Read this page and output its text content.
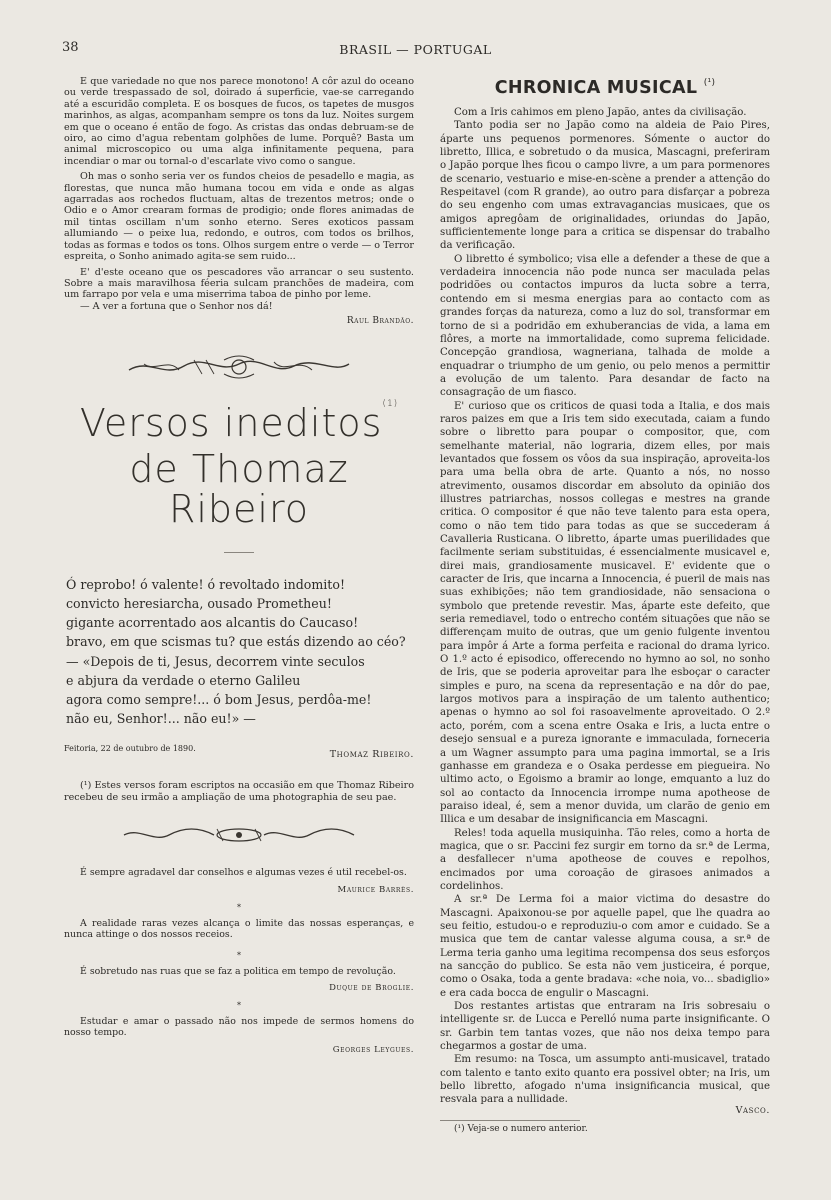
38	BRASIL — PORTUGAL

E que variedade no que nos parece monotono! A côr azul do oceano ou verde trespassado de sol, doirado á superficie, vae-se carregando até a escuridão completa. E os bosques de fucos, os tapetes de musgos marinhos, as algas, acompanham sempre os tons da luz. Noites surgem em que o oceano é então de fogo. As cristas das ondas debruam-se de oiro, ao cimo d'agua rebentam golphões de lume. Porquê? Basta um animal microscopico ou uma alga infinitamente pequena, para incendiar o mar ou tornal-o d'escarlate vivo como o sangue.

Oh mas o sonho seria ver os fundos cheios de pesadello e magia, as florestas, que nunca mão humana tocou em vida e onde as algas agarradas aos rochedos fluctuam, altas de trezentos metros; onde o Odio e o Amor crearam formas de prodigio; onde flores animadas de mil tintas oscillam n'um sonho eterno. Seres exoticos passam allumiando — o peixe lua, redondo, e outros, com todos os brilhos, todas as formas e todos os tons. Olhos surgem entre o verde — o Terror espreita, o Sonho animado agita-se sem ruido...

E' d'este oceano que os pescadores vão arrancar o seu sustento. Sobre a mais maravilhosa féeria sulcam pranchões de madeira, com um farrapo por vela e uma miserrima taboa de pinho por leme.

— A ver a fortuna que o Senhor nos dá!

Raul Brandão.
Versos ineditos$^{(1)}$
de Thomaz Ribeiro
Ó reprobo! ó valente! ó revoltado indomito!
convicto heresiarcha, ousado Prometheu!
gigante acorrentado aos alcantis do Caucaso!
bravo, em que scismas tu? que estás dizendo ao céo?
— «Depois de ti, Jesus, decorrem vinte seculos
e abjura da verdade o eterno Galileu
agora como sempre!... ó bom Jesus, perdôa-me!
não eu, Senhor!... não eu!» —
Feitoria, 22 de outubro de 1890.
Thomaz Ribeiro.

(¹) Estes versos foram escriptos na occasião em que Thomaz Ribeiro recebeu de seu irmão a ampliação de uma photographia de seu pae.

É sempre agradavel dar conselhos e algumas vezes é util recebel-os.

Maurice Barrès.
*

A realidade raras vezes alcança o limite das nossas esperanças, e nunca attinge o dos nossos receios.

*

É sobretudo nas ruas que se faz a politica em tempo de revolução.

Duque de Broglie.
*

Estudar e amar o passado não nos impede de sermos homens do nosso tempo.

Georges Leygues.
CHRONICA MUSICAL $^{(^1)}$

Com a Iris cahimos em pleno Japão, antes da civilisação.

Tanto podia ser no Japão como na aldeia de Paio Pires, áparte uns pequenos pormenores. Sómente o auctor do libretto, Illica, e sobretudo o da musica, Mascagni, preferiram o Japão porque lhes ficou o campo livre, a um para pormenores de scenario, vestuario e mise-en-scène a prender a attenção do Respeitavel (com R grande), ao outro para disfarçar a pobreza do seu engenho com umas extravagancias musicaes, que os amigos apregôam de originalidades, oriundas do Japão, sufficientemente longe para a critica se dispensar do trabalho da verificação.

O libretto é symbolico; visa elle a defender a these de que a verdadeira innocencia não pode nunca ser maculada pelas podridões ou contactos impuros da lucta sobre a terra, contendo em si mesma energias para ao contacto com as grandes forças da natureza, como a luz do sol, transformar em torno de si a podridão em exhuberancias de vida, a lama em flôres, a morte na immortalidade, como suprema felicidade. Concepção grandiosa, wagneriana, talhada de molde a enquadrar o triumpho de um genio, ou pelo menos a permittir a evolução de um talento. Para desandar de facto na consagração de um fiasco.

E' curioso que os criticos de quasi toda a Italia, e dos mais raros paizes em que a Iris tem sido executada, caiam a fundo sobre o libretto para poupar o compositor, que, com semelhante material, não lograria, dizem elles, por mais levantados que fossem os vôos da sua inspiração, aproveita-los para uma bella obra de arte. Quanto a nós, no nosso atrevimento, ousamos discordar em absoluto da opinião dos illustres patriarchas, nossos collegas e mestres na grande critica. O compositor é que não teve talento para esta opera, como o não tem tido para todas as que se succederam á Cavalleria Rusticana. O libretto, áparte umas puerilidades que facilmente seriam substituidas, é essencialmente musicavel e, direi mais, grandiosamente musicavel. E' evidente que o caracter de Iris, que incarna a Innocencia, é pueril de mais nas suas exhibições; não tem grandiosidade, não sensaciona o symbolo que pretende revestir. Mas, áparte este defeito, que seria remediavel, todo o entrecho contém situações que não se differençam muito de outras, que um genio fulgente inventou para impôr á Arte a forma perfeita e racional do drama lyrico. O 1.º acto é episodico, offerecendo no hymno ao sol, no sonho de Iris, que se poderia aproveitar para lhe esboçar o caracter simples e puro, na scena da representação e na dôr do pae, largos motivos para a inspiração de um talento authentico; apenas o hymno ao sol foi rasoavelmente aproveitado. O 2.º acto, porém, com a scena entre Osaka e Iris, a lucta entre o desejo sensual e a pureza ignorante e immaculada, forneceria a um Wagner assumpto para uma pagina immortal, se a Iris ganhasse em grandeza e o Osaka perdesse em piegueira. No ultimo acto, o Egoismo a bramir ao longe, emquanto a luz do sol ao contacto da Innocencia irrompe numa apotheose de paraiso ideal, é, sem a menor duvida, um clarão de genio em Illica e um desabar de insignificancia em Mascagni.

Reles! toda aquella musiquinha. Tão reles, como a horta de magica, que o sr. Paccini fez surgir em torno da sr.ª de Lerma, a desfallecer n'uma apotheose de couves e repolhos, encimados por uma coroação de girasoes animados a cordelinhos.

A sr.ª De Lerma foi a maior victima do desastre do Mascagni. Apaixonou-se por aquelle papel, que lhe quadra ao seu feitio, estudou-o e reproduziu-o com amor e cuidado. Se a musica que tem de cantar valesse alguma cousa, a sr.ª de Lerma teria ganho uma legitima recompensa dos seus esforços na sancção do publico. Se esta não vem justiceira, é porque, como o Osaka, toda a gente bradava: «che noia, vo... sbadiglio» e era cada bocca de engulir o Mascagni.

Dos restantes artistas que entraram na Iris sobresaiu o intelligente sr. de Lucca e Perelló numa parte insignificante. O sr. Garbin tem tantas vozes, que não nos deixa tempo para chegarmos a gostar de uma.

Em resumo: na Tosca, um assumpto anti-musicavel, tratado com talento e tanto exito quanto era possivel obter; na Iris, um bello libretto, afogado n'uma insignificancia musical, que resvala para a nullidade.

Vasco.
(¹) Veja-se o numero anterior.
